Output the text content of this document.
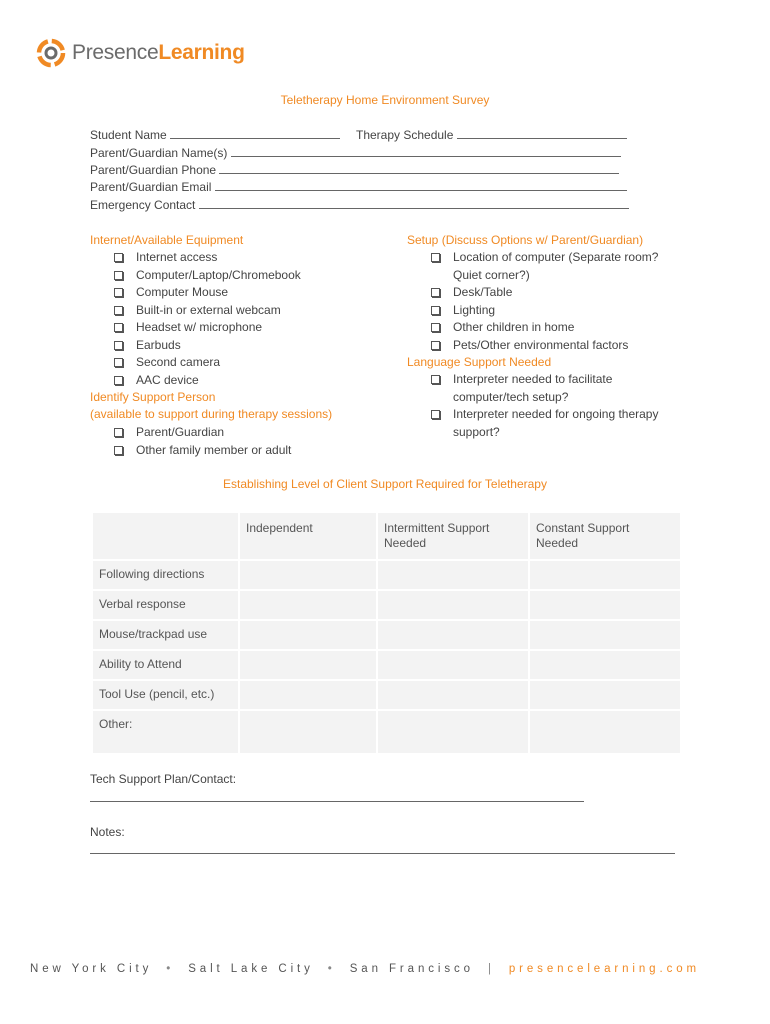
PresenceLearning
Teletherapy Home Environment Survey
Student Name	Therapy Schedule
Parent/Guardian Name(s)
Parent/Guardian Phone
Parent/Guardian Email
Emergency Contact
Internet/Available Equipment
Internet access
Computer/Laptop/Chromebook
Computer Mouse
Built-in or external webcam
Headset w/ microphone
Earbuds
Second camera
AAC device
Identify Support Person
(available to support during therapy sessions)
Parent/Guardian
Other family member or adult
Setup (Discuss Options w/ Parent/Guardian)
Location of computer (Separate room? Quiet corner?)
Desk/Table
Lighting
Other children in home
Pets/Other environmental factors
Language Support Needed
Interpreter needed to facilitate computer/tech setup?
Interpreter needed for ongoing therapy support?
Establishing Level of Client Support Required for Teletherapy
	Independent	Intermittent Support Needed	Constant Support Needed
Following directions			
Verbal response			
Mouse/trackpad use			
Ability to Attend			
Tool Use (pencil, etc.)			
Other:			
Tech Support Plan/Contact:
Notes:
New York City • Salt Lake City • San Francisco | presencelearning.com
